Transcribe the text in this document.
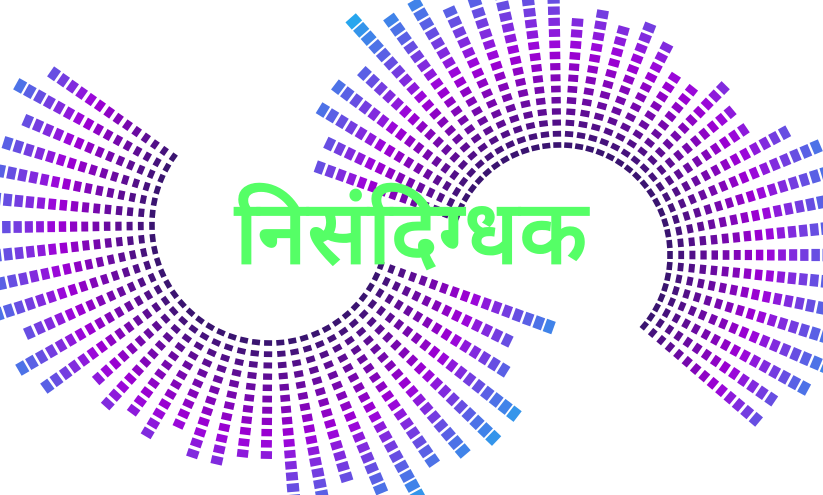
निसंदिग्धक
